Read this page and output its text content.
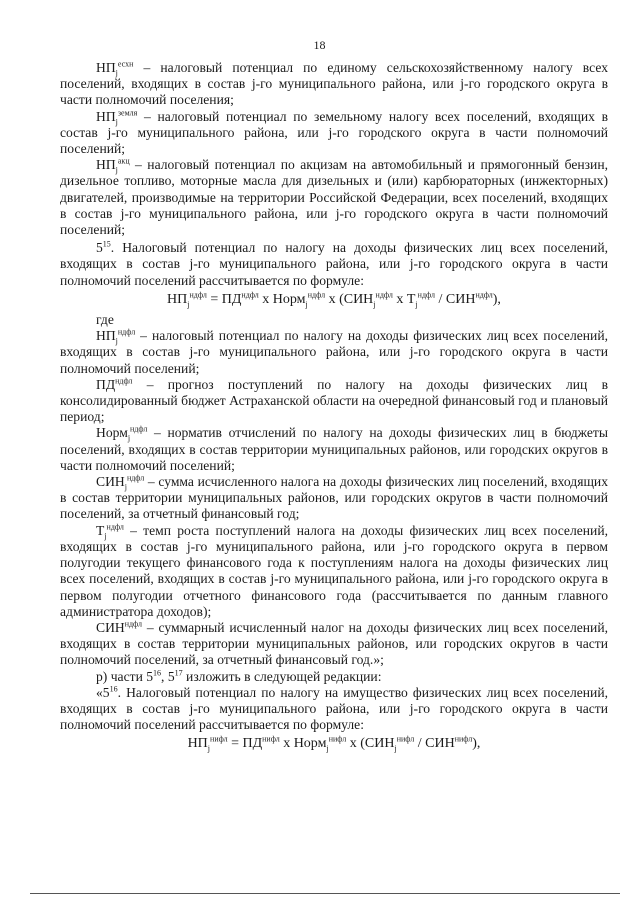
18

$НП_j^{есхн}$ – налоговый потенциал по единому сельскохозяйственному налогу всех поселений, входящих в состав j-го муниципального района, или j-го городского округа в части полномочий поселения;

$НП_j^{земля}$ – налоговый потенциал по земельному налогу всех поселений, входящих в состав j-го муниципального района, или j-го городского округа в части полномочий поселений;

$НП_j^{акц}$ – налоговый потенциал по акцизам на автомобильный и прямогонный бензин, дизельное топливо, моторные масла для дизельных и (или) карбюраторных (инжекторных) двигателей, производимые на территории Российской Федерации, всех поселений, входящих в состав j-го муниципального района, или j-го городского округа в части полномочий поселений;

$5^{15}$. Налоговый потенциал по налогу на доходы физических лиц всех поселений, входящих в состав j-го муниципального района, или j-го городского округа в части полномочий поселений рассчитывается по формуле:

$НП_j^{ндфл} = ПД^{ндфл}$ х Норм$_j^{ндфл}$ х ($СИН_j^{ндфл}$ х $Т_j^{ндфл} / СИН^{ндфл}$),

где

$НП_j^{ндфл}$ – налоговый потенциал по налогу на доходы физических лиц всех поселений, входящих в состав j-го муниципального района, или j-го городского округа в части полномочий поселений;

$ПД^{ндфл}$ – прогноз поступлений по налогу на доходы физических лиц в консолидированный бюджет Астраханской области на очередной финансовый год и плановый период;

Норм$_j^{ндфл}$ – норматив отчислений по налогу на доходы физических лиц в бюджеты поселений, входящих в состав территории муниципальных районов, или городских округов в части полномочий поселений;

$СИН_j^{ндфл}$ – сумма исчисленного налога на доходы физических лиц поселений, входящих в состав территории муниципальных районов, или городских округов в части полномочий поселений, за отчетный финансовый год;

$Т_j^{ндфл}$ – темп роста поступлений налога на доходы физических лиц всех поселений, входящих в состав j-го муниципального района, или j-го городского округа в первом полугодии текущего финансового года к поступлениям налога на доходы физических лиц всех поселений, входящих в состав j-го муниципального района, или j-го городского округа в первом полугодии отчетного финансового года (рассчитывается по данным главного администратора доходов);

$СИН^{ндфл}$ – суммарный исчисленный налог на доходы физических лиц всех поселений, входящих в состав территории муниципальных районов, или городских округов в части полномочий поселений, за отчетный финансовый год.»;

р) части $5^{16}$, $5^{17}$ изложить в следующей редакции:

«$5^{16}$. Налоговый потенциал по налогу на имущество физических лиц всех поселений, входящих в состав j-го муниципального района, или j-го городского округа в части полномочий поселений рассчитывается по формуле:

$НП_j^{нифл} = ПД^{нифл}$ х Норм$_j^{нифл}$ х $(СИН_j^{нифл} / СИН^{нифл})$,
